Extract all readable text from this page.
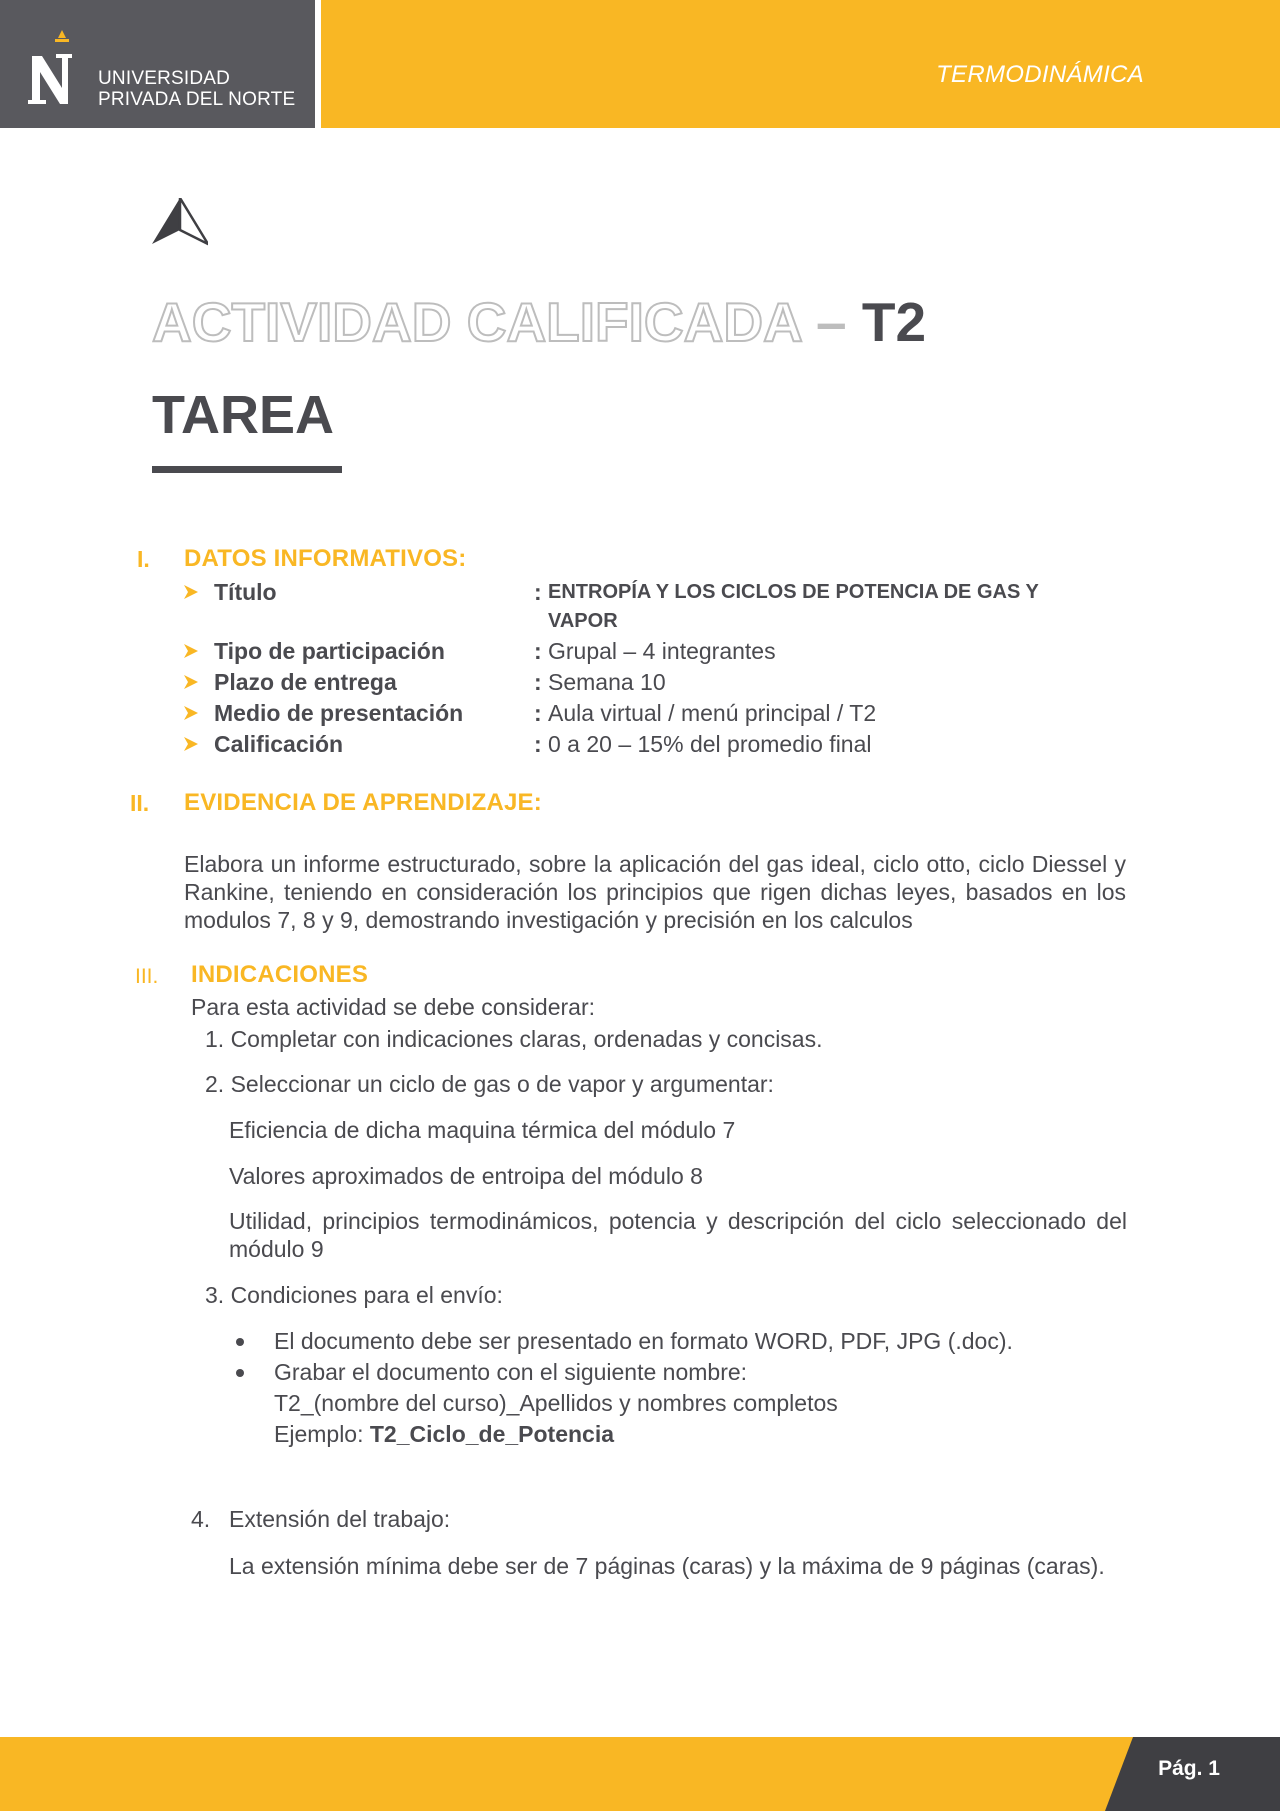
UNIVERSIDAD
PRIVADA DEL NORTE
TERMODINÁMICA
ACTIVIDAD CALIFICADA – T2
TAREA
I. DATOS INFORMATIVOS:
Título	: ENTROPÍA Y LOS CICLOS DE POTENCIA DE GAS Y VAPOR
Tipo de participación	: Grupal – 4 integrantes
Plazo de entrega	: Semana 10
Medio de presentación	: Aula virtual / menú principal / T2
Calificación	: 0 a 20 – 15% del promedio final
II. EVIDENCIA DE APRENDIZAJE:
Elabora un informe estructurado, sobre la aplicación del gas ideal, ciclo otto, ciclo Diessel y Rankine, teniendo en consideración los principios que rigen dichas leyes, basados en los modulos 7, 8 y 9, demostrando investigación y precisión en los calculos
III. INDICACIONES
Para esta actividad se debe considerar:
1. Completar con indicaciones claras, ordenadas y concisas.
2. Seleccionar un ciclo de gas o de vapor y argumentar:
Eficiencia de dicha maquina térmica del módulo 7
Valores aproximados de entroipa del módulo 8
Utilidad, principios termodinámicos, potencia y descripción del ciclo seleccionado del módulo 9
3. Condiciones para el envío:
El documento debe ser presentado en formato WORD, PDF, JPG (.doc).
Grabar el documento con el siguiente nombre:
T2_(nombre del curso)_Apellidos y nombres completos
Ejemplo: T2_Ciclo_de_Potencia
4. Extensión del trabajo:
La extensión mínima debe ser de 7 páginas (caras) y la máxima de 9 páginas (caras).
Pág. 1
